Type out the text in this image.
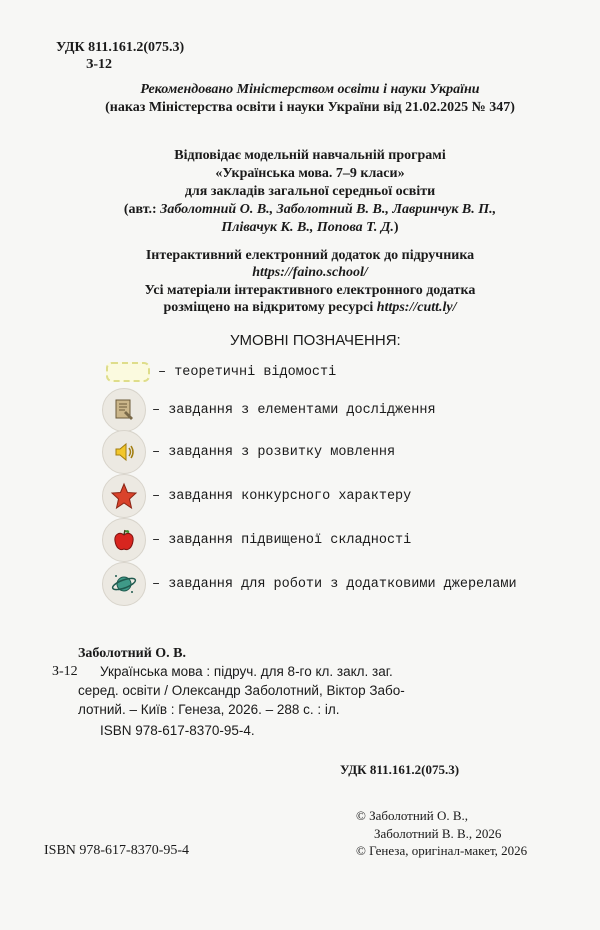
УДК 811.161.2(075.3)
З-12
Рекомендовано Міністерством освіти і науки України
(наказ Міністерства освіти і науки України від 21.02.2025 № 347)
Відповідає модельній навчальній програмі
«Українська мова. 7–9 класи»
для закладів загальної середньої освіти
(авт.: Заболотний О. В., Заболотний В. В., Лавринчук В. П.,
Плівачук К. В., Попова Т. Д.)
Інтерактивний електронний додаток до підручника
https://faino.school/
Усі матеріали інтерактивного електронного додатка
розміщено на відкритому ресурсі https://cutt.ly/
УМОВНІ ПОЗНАЧЕННЯ:
– теоретичні відомості
– завдання з елементами дослідження
– завдання з розвитку мовлення
– завдання конкурсного характеру
– завдання підвищеної складності
– завдання для роботи з додатковими джерелами
Заболотний О. В.
З-12 Українська мова : підруч. для 8-го кл. закл. заг.
серед. освіти / Олександр Заболотний, Віктор Забо-
лотний. – Київ : Генеза, 2026. – 288 с. : іл.
ISBN 978-617-8370-95-4.
УДК 811.161.2(075.3)
ISBN 978-617-8370-95-4
© Заболотний О. В.,
Заболотний В. В., 2026
© Генеза, оригінал-макет, 2026
